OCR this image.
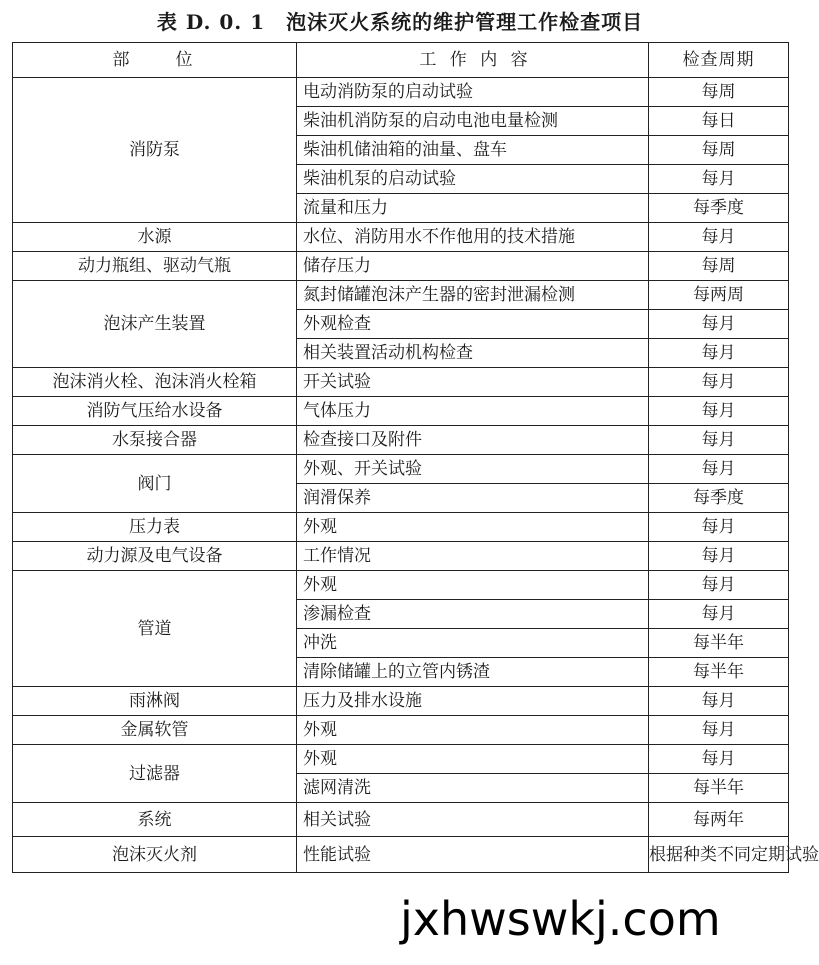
表 D. 0. 1　泡沫灭火系统的维护管理工作检查项目
部　　位	工 作 内 容	检查周期
消防泵	电动消防泵的启动试验	每周
	柴油机消防泵的启动电池电量检测	每日
	柴油机储油箱的油量、盘车	每周
	柴油机泵的启动试验	每月
	流量和压力	每季度
水源	水位、消防用水不作他用的技术措施	每月
动力瓶组、驱动气瓶	储存压力	每周
泡沫产生装置	氮封储罐泡沫产生器的密封泄漏检测	每两周
	外观检查	每月
	相关装置活动机构检查	每月
泡沫消火栓、泡沫消火栓箱	开关试验	每月
消防气压给水设备	气体压力	每月
水泵接合器	检查接口及附件	每月
阀门	外观、开关试验	每月
	润滑保养	每季度
压力表	外观	每月
动力源及电气设备	工作情况	每月
管道	外观	每月
	渗漏检查	每月
	冲洗	每半年
	清除储罐上的立管内锈渣	每半年
雨淋阀	压力及排水设施	每月
金属软管	外观	每月
过滤器	外观	每月
	滤网清洗	每半年
系统	相关试验	每两年
泡沫灭火剂	性能试验	根据种类不同定期试验
jxhwswkj.com
